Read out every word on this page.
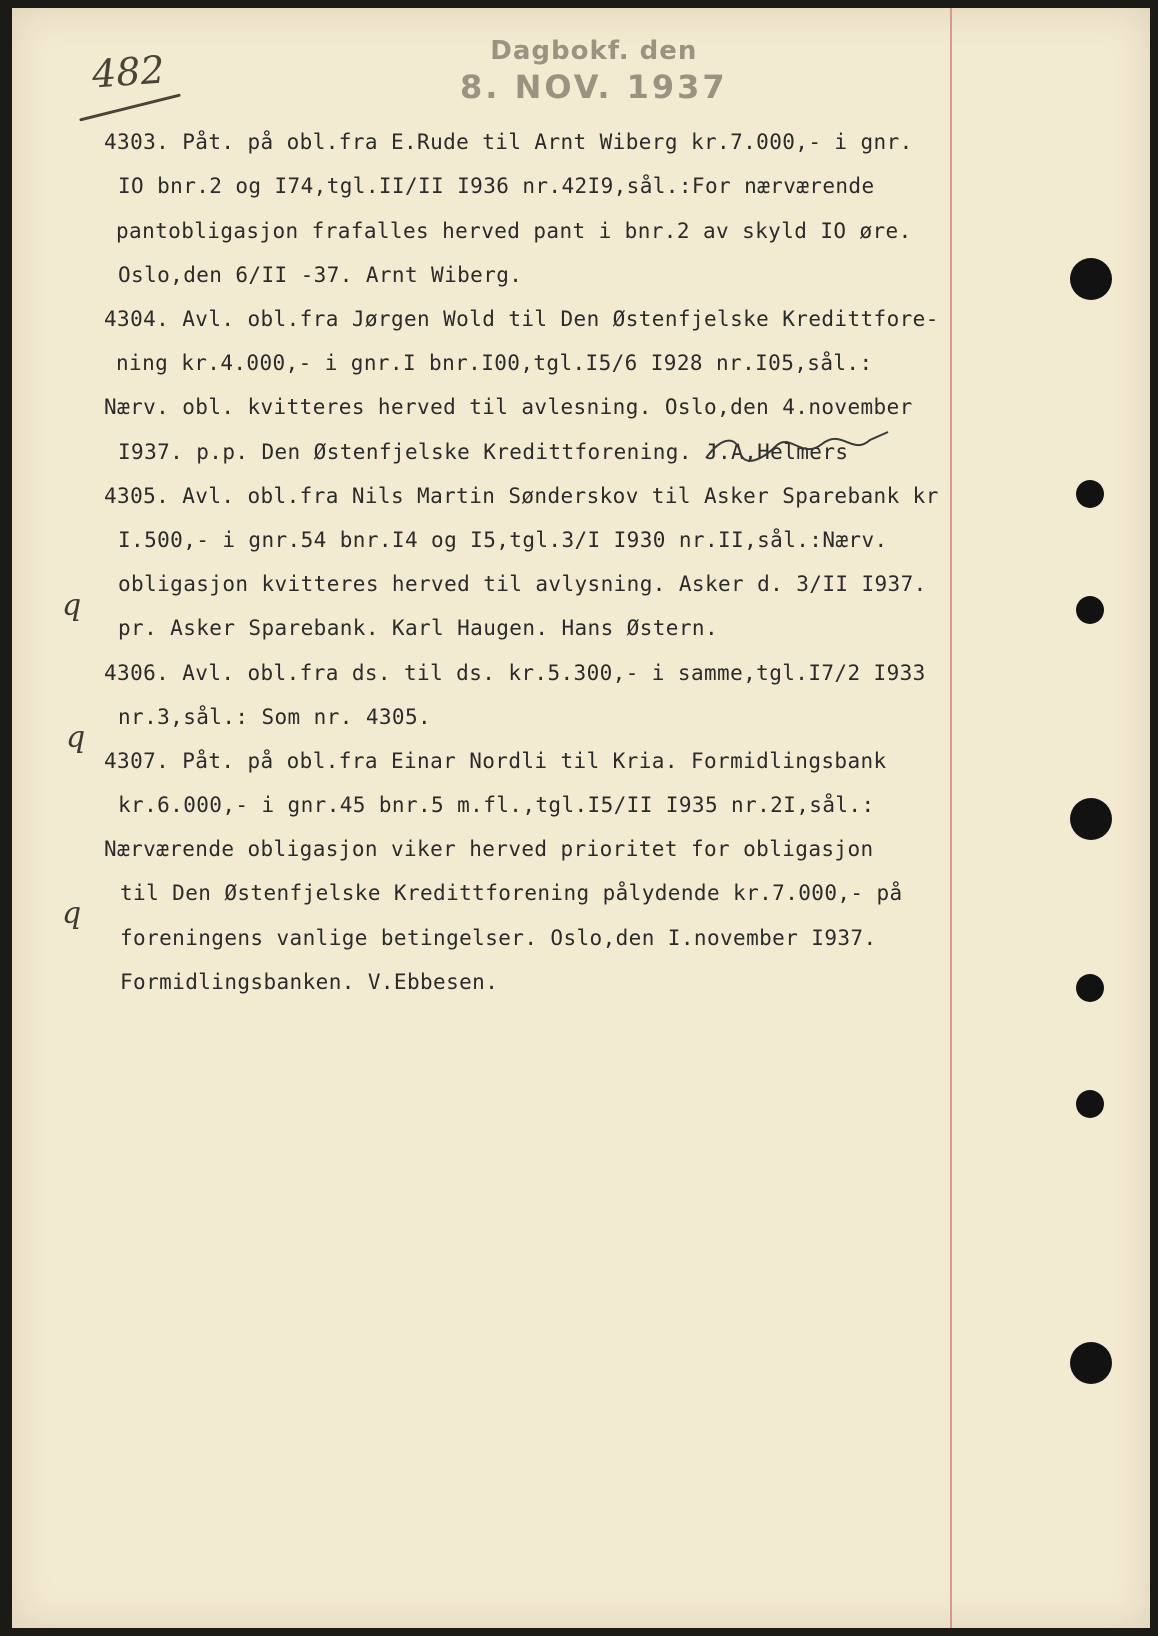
482	Dagbokf. den
8. NOV. 1937
4303. Påt. på obl.fra E.Rude til Arnt Wiberg kr.7.000,- i gnr.
IO bnr.2 og I74,tgl.II/II I936 nr.42I9,sål.:For nærværende
pantobligasjon frafalles herved pant i bnr.2 av skyld IO øre.
Oslo,den 6/II -37. Arnt Wiberg.
4304. Avl. obl.fra Jørgen Wold til Den Østenfjelske Kredittfore-
ning kr.4.000,- i gnr.I bnr.I00,tgl.I5/6 I928 nr.I05,sål.:
Nærv. obl. kvitteres herved til avlesning. Oslo,den 4.november
I937. p.p. Den Østenfjelske Kredittforening. J.A,Helmers
4305. Avl. obl.fra Nils Martin Sønderskov til Asker Sparebank kr
I.500,- i gnr.54 bnr.I4 og I5,tgl.3/I I930 nr.II,sål.:Nærv.
obligasjon kvitteres herved til avlysning. Asker d. 3/II I937.
pr. Asker Sparebank. Karl Haugen. Hans Østern.
4306. Avl. obl.fra ds. til ds. kr.5.300,- i samme,tgl.I7/2 I933
nr.3,sål.: Som nr. 4305.
4307. Påt. på obl.fra Einar Nordli til Kria. Formidlingsbank
kr.6.000,- i gnr.45 bnr.5 m.fl.,tgl.I5/II I935 nr.2I,sål.:
Nærværende obligasjon viker herved prioritet for obligasjon
til Den Østenfjelske Kredittforening pålydende kr.7.000,- på
foreningens vanlige betingelser. Oslo,den I.november I937.
Formidlingsbanken. V.Ebbesen.
q
q
q
